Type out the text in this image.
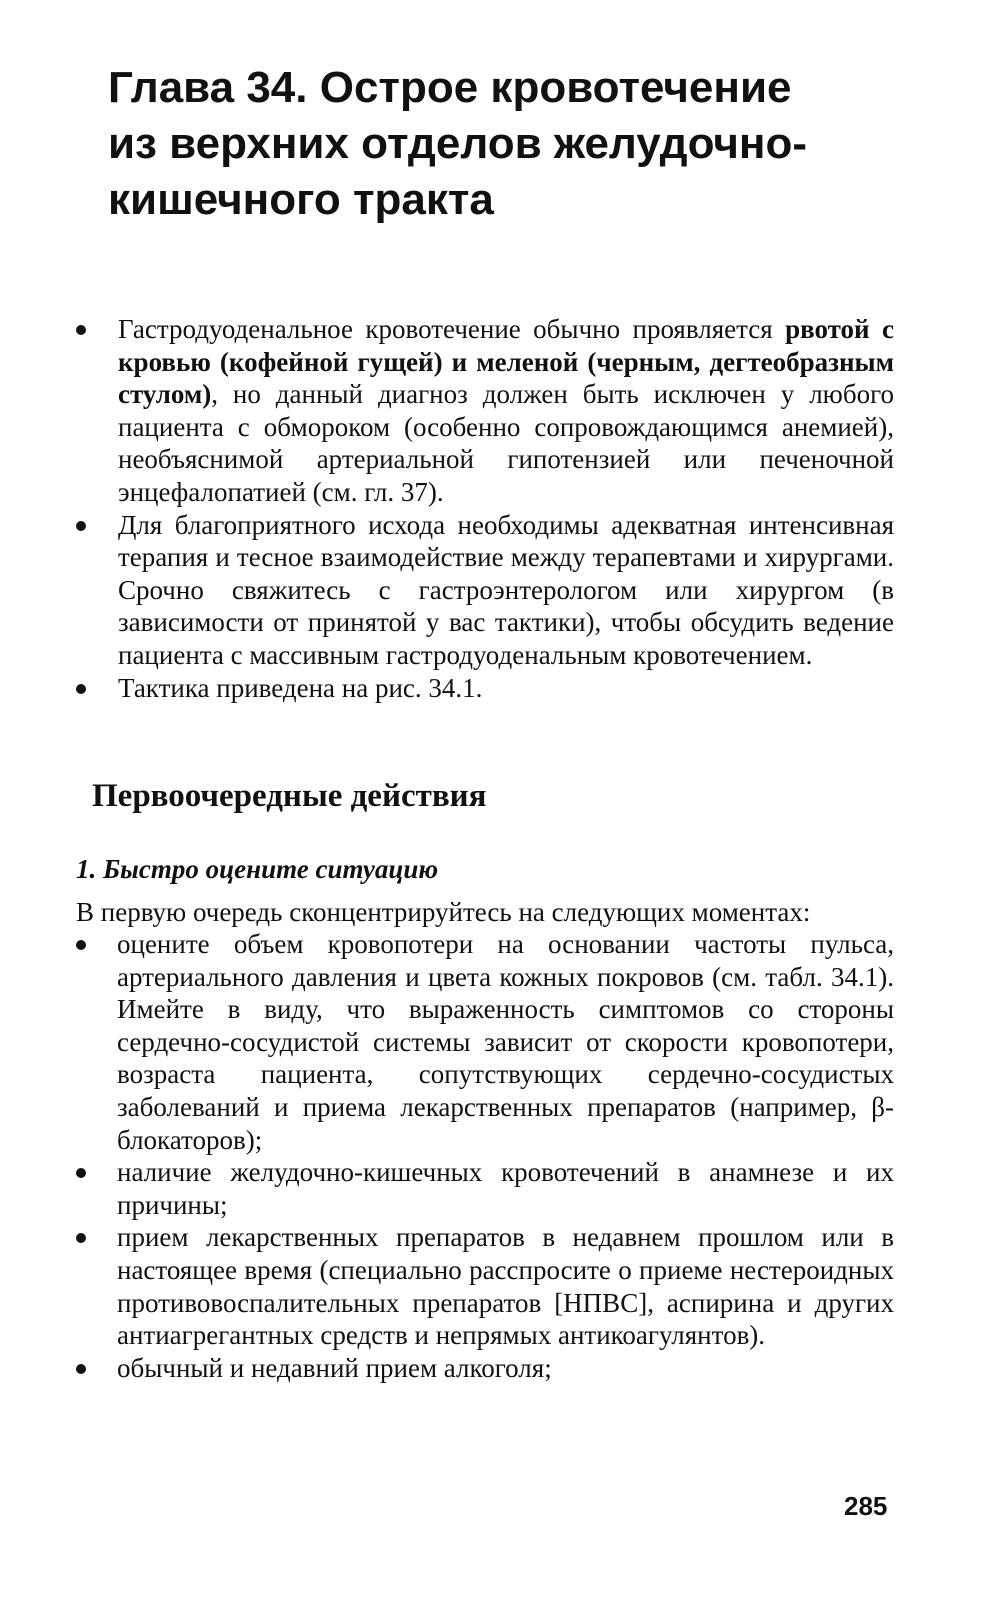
Глава 34. Острое кровотечение
из верхних отделов желудочно-
кишечного тракта
Гастродуоденальное кровотечение обычно проявляется рвотой с кровью (кофейной гущей) и меленой (черным, дегтеобразным стулом), но данный диагноз должен быть исключен у любого пациента с обмороком (особенно сопровождающимся анемией), необъяснимой артериальной гипотензией или печеночной энцефалопатией (см. гл. 37).
Для благоприятного исхода необходимы адекватная интенсивная терапия и тесное взаимодействие между терапевтами и хирургами. Срочно свяжитесь с гастроэнтерологом или хирургом (в зависимости от принятой у вас тактики), чтобы обсудить ведение пациента с массивным гастродуоденальным кровотечением.
Тактика приведена на рис. 34.1.
Первоочередные действия
1. Быстро оцените ситуацию

В первую очередь сконцентрируйтесь на следующих моментах:

оцените объем кровопотери на основании частоты пульса, артериального давления и цвета кожных покровов (см. табл. 34.1). Имейте в виду, что выраженность симптомов со стороны сердечно-сосудистой системы зависит от скорости кровопотери, возраста пациента, сопутствующих сердечно-сосудистых заболеваний и приема лекарственных препаратов (например, β-блокаторов);
наличие желудочно-кишечных кровотечений в анамнезе и их причины;
прием лекарственных препаратов в недавнем прошлом или в настоящее время (специально расспросите о приеме нестероидных противовоспалительных препаратов [НПВС], аспирина и других антиагрегантных средств и непрямых антикоагулянтов).
обычный и недавний прием алкоголя;

285
